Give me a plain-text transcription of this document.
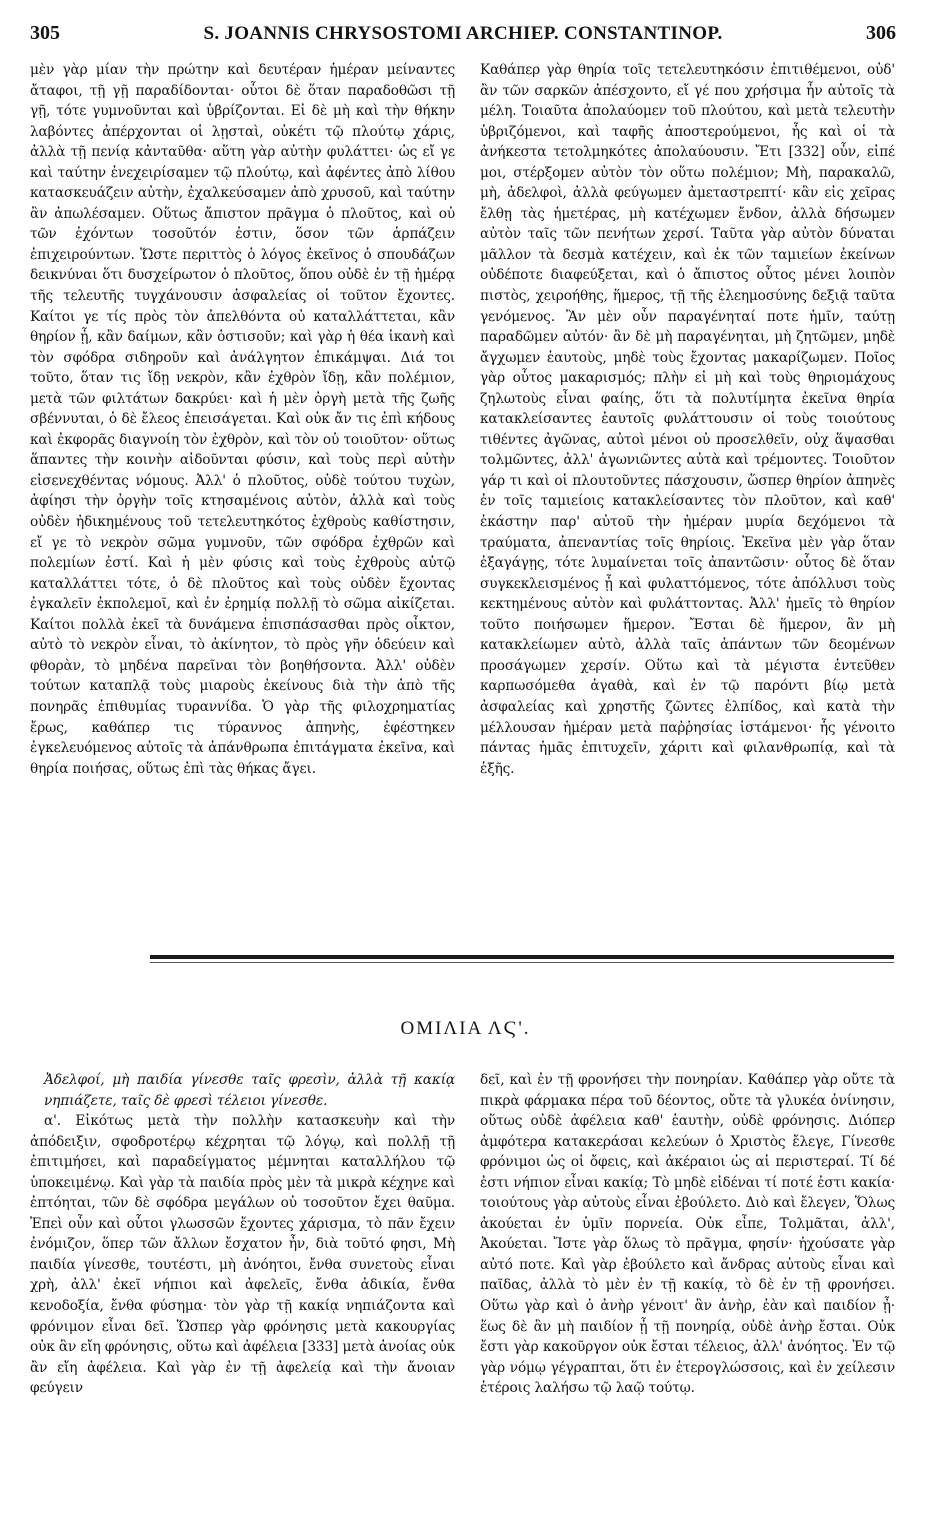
305	S. JOANNIS CHRYSOSTOMI ARCHIEP. CONSTANTINOP.	306

μὲν γὰρ μίαν τὴν πρώτην καὶ δευτέραν ἡμέραν μείναντες ἄταφοι, τῇ γῇ παραδίδονται· οὗτοι δὲ ὅταν παραδοθῶσι τῇ γῇ, τότε γυμνοῦνται καὶ ὑβρίζονται. Εἰ δὲ μὴ καὶ τὴν θήκην λαβόντες ἀπέρχονται οἱ λῃσταὶ, οὐκέτι τῷ πλούτῳ χάρις, ἀλλὰ τῇ πενίᾳ κἀνταῦθα· αὕτη γὰρ αὐτὴν φυλάττει· ὡς εἴ γε καὶ ταύτην ἐνεχειρίσαμεν τῷ πλούτῳ, καὶ ἀφέντες ἀπὸ λίθου κατασκευάζειν αὐτὴν, ἐχαλκεύσαμεν ἀπὸ χρυσοῦ, καὶ ταύτην ἂν ἀπωλέσαμεν. Οὕτως ἄπιστον πρᾶγμα ὁ πλοῦτος, καὶ οὐ τῶν ἐχόντων τοσοῦτόν ἐστιν, ὅσον τῶν ἁρπάζειν ἐπιχειρούντων. Ὥστε περιττὸς ὁ λόγος ἐκεῖνος ὁ σπουδάζων δεικνύναι ὅτι δυσχείρωτον ὁ πλοῦτος, ὅπου οὐδὲ ἐν τῇ ἡμέρᾳ τῆς τελευτῆς τυγχάνουσιν ἀσφαλείας οἱ τοῦτον ἔχοντες. Καίτοι γε τίς πρὸς τὸν ἀπελθόντα οὐ καταλλάττεται, κἂν θηρίον ᾖ, κἂν δαίμων, κἂν ὁστισοῦν; καὶ γὰρ ἡ θέα ἱκανὴ καὶ τὸν σφόδρα σιδηροῦν καὶ ἀνάλγητον ἐπικάμψαι. Διά τοι τοῦτο, ὅταν τις ἴδῃ νεκρὸν, κἂν ἐχθρὸν ἴδῃ, κἂν πολέμιον, μετὰ τῶν φιλτάτων δακρύει· καὶ ἡ μὲν ὀργὴ μετὰ τῆς ζωῆς σβέννυται, ὁ δὲ ἔλεος ἐπεισάγεται. Καὶ οὐκ ἄν τις ἐπὶ κήδους καὶ ἐκφορᾶς διαγνοίη τὸν ἐχθρὸν, καὶ τὸν οὐ τοιοῦτον· οὕτως ἅπαντες τὴν κοινὴν αἰδοῦνται φύσιν, καὶ τοὺς περὶ αὐτὴν εἰσενεχθέντας νόμους. Ἀλλ' ὁ πλοῦτος, οὐδὲ τούτου τυχὼν, ἀφίησι τὴν ὀργὴν τοῖς κτησαμένοις αὐτὸν, ἀλλὰ καὶ τοὺς οὐδὲν ἠδικημένους τοῦ τετελευτηκότος ἐχθροὺς καθίστησιν, εἴ γε τὸ νεκρὸν σῶμα γυμνοῦν, τῶν σφόδρα ἐχθρῶν καὶ πολεμίων ἐστί. Καὶ ἡ μὲν φύσις καὶ τοὺς ἐχθροὺς αὐτῷ καταλλάττει τότε, ὁ δὲ πλοῦτος καὶ τοὺς οὐδὲν ἔχοντας ἐγκαλεῖν ἐκπολεμοῖ, καὶ ἐν ἐρημίᾳ πολλῇ τὸ σῶμα αἰκίζεται. Καίτοι πολλὰ ἐκεῖ τὰ δυνάμενα ἐπισπάσασθαι πρὸς οἶκτον, αὐτὸ τὸ νεκρὸν εἶναι, τὸ ἀκίνητον, τὸ πρὸς γῆν ὁδεύειν καὶ φθορὰν, τὸ μηδένα παρεῖναι τὸν βοηθήσοντα. Ἀλλ' οὐδὲν τούτων καταπλᾷ τοὺς μιαροὺς ἐκείνους διὰ τὴν ἀπὸ τῆς πονηρᾶς ἐπιθυμίας τυραννίδα. Ὁ γὰρ τῆς φιλοχρηματίας ἔρως, καθάπερ τις τύραννος ἀπηνὴς, ἐφέστηκεν ἐγκελευόμενος αὐτοῖς τὰ ἀπάνθρωπα ἐπιτάγματα ἐκεῖνα, καὶ θηρία ποιήσας, οὕτως ἐπὶ τὰς θήκας ἄγει.

Καθάπερ γὰρ θηρία τοῖς τετελευτηκόσιν ἐπιτιθέμενοι, οὐδ' ἂν τῶν σαρκῶν ἀπέσχοντο, εἴ γέ που χρήσιμα ἦν αὐτοῖς τὰ μέλη. Τοιαῦτα ἀπολαύομεν τοῦ πλούτου, καὶ μετὰ τελευτὴν ὑβριζόμενοι, καὶ ταφῆς ἀποστερούμενοι, ἧς καὶ οἱ τὰ ἀνήκεστα τετολμηκότες ἀπολαύουσιν. Ἔτι [332] οὖν, εἰπέ μοι, στέρξομεν αὐτὸν τὸν οὕτω πολέμιον; Μὴ, παρακαλῶ, μὴ, ἀδελφοὶ, ἀλλὰ φεύγωμεν ἀμεταστρεπτί· κἂν εἰς χεῖρας ἔλθῃ τὰς ἡμετέρας, μὴ κατέχωμεν ἔνδον, ἀλλὰ δήσωμεν αὐτὸν ταῖς τῶν πενήτων χερσί. Ταῦτα γὰρ αὐτὸν δύναται μᾶλλον τὰ δεσμὰ κατέχειν, καὶ ἐκ τῶν ταμιείων ἐκείνων οὐδέποτε διαφεύξεται, καὶ ὁ ἄπιστος οὗτος μένει λοιπὸν πιστὸς, χειροήθης, ἥμερος, τῇ τῆς ἐλεημοσύνης δεξιᾷ ταῦτα γενόμενος. Ἂν μὲν οὖν παραγένηταί ποτε ἡμῖν, ταύτῃ παραδῶμεν αὐτόν· ἂν δὲ μὴ παραγένηται, μὴ ζητῶμεν, μηδὲ ἄγχωμεν ἑαυτοὺς, μηδὲ τοὺς ἔχοντας μακαρίζωμεν. Ποῖος γὰρ οὗτος μακαρισμός; πλὴν εἰ μὴ καὶ τοὺς θηριομάχους ζηλωτοὺς εἶναι φαίης, ὅτι τὰ πολυτίμητα ἐκεῖνα θηρία κατακλείσαντες ἑαυτοῖς φυλάττουσιν οἱ τοὺς τοιούτους τιθέντες ἀγῶνας, αὐτοὶ μένοι οὐ προσελθεῖν, οὐχ ἅψασθαι τολμῶντες, ἀλλ' ἀγωνιῶντες αὐτὰ καὶ τρέμοντες. Τοιοῦτον γάρ τι καὶ οἱ πλουτοῦντες πάσχουσιν, ὥσπερ θηρίον ἀπηνὲς ἐν τοῖς ταμιείοις κατακλείσαντες τὸν πλοῦτον, καὶ καθ' ἑκάστην παρ' αὐτοῦ τὴν ἡμέραν μυρία δεχόμενοι τὰ τραύματα, ἀπεναντίας τοῖς θηρίοις. Ἐκεῖνα μὲν γὰρ ὅταν ἐξαγάγῃς, τότε λυμαίνεται τοῖς ἀπαντῶσιν· οὗτος δὲ ὅταν συγκεκλεισμένος ᾖ καὶ φυλαττόμενος, τότε ἀπόλλυσι τοὺς κεκτημένους αὐτὸν καὶ φυλάττοντας. Ἀλλ' ἡμεῖς τὸ θηρίον τοῦτο ποιήσωμεν ἥμερον. Ἔσται δὲ ἥμερον, ἂν μὴ κατακλείωμεν αὐτὸ, ἀλλὰ ταῖς ἁπάντων τῶν δεομένων προσάγωμεν χερσίν. Οὕτω καὶ τὰ μέγιστα ἐντεῦθεν καρπωσόμεθα ἀγαθὰ, καὶ ἐν τῷ παρόντι βίῳ μετὰ ἀσφαλείας καὶ χρηστῆς ζῶντες ἐλπίδος, καὶ κατὰ τὴν μέλλουσαν ἡμέραν μετὰ παῤῥησίας ἱστάμενοι· ἧς γένοιτο πάντας ἡμᾶς ἐπιτυχεῖν, χάριτι καὶ φιλανθρωπίᾳ, καὶ τὰ ἑξῆς.

ΟΜΙΛΙΑ ΛϚ'.

Ἀδελφοί, μὴ παιδία γίνεσθε ταῖς φρεσὶν, ἀλλὰ τῇ κακίᾳ νηπιάζετε, ταῖς δὲ φρεσὶ τέλειοι γίνεσθε.

α'. Εἰκότως μετὰ τὴν πολλὴν κατασκευὴν καὶ τὴν ἀπόδειξιν, σφοδροτέρῳ κέχρηται τῷ λόγῳ, καὶ πολλῇ τῇ ἐπιτιμήσει, καὶ παραδείγματος μέμνηται καταλλήλου τῷ ὑποκειμένῳ. Καὶ γὰρ τὰ παιδία πρὸς μὲν τὰ μικρὰ κέχηνε καὶ ἐπτόηται, τῶν δὲ σφόδρα μεγάλων οὐ τοσοῦτον ἔχει θαῦμα. Ἐπεὶ οὖν καὶ οὗτοι γλωσσῶν ἔχοντες χάρισμα, τὸ πᾶν ἔχειν ἐνόμιζον, ὅπερ τῶν ἄλλων ἔσχατον ἦν, διὰ τοῦτό φησι, Μὴ παιδία γίνεσθε, τουτέστι, μὴ ἀνόητοι, ἔνθα συνετοὺς εἶναι χρὴ, ἀλλ' ἐκεῖ νήπιοι καὶ ἀφελεῖς, ἔνθα ἀδικία, ἔνθα κενοδοξία, ἔνθα φύσημα· τὸν γὰρ τῇ κακίᾳ νηπιάζοντα καὶ φρόνιμον εἶναι δεῖ. Ὥσπερ γὰρ φρόνησις μετὰ κακουργίας οὐκ ἂν εἴη φρόνησις, οὕτω καὶ ἀφέλεια [333] μετὰ ἀνοίας οὐκ ἂν εἴη ἀφέλεια. Καὶ γὰρ ἐν τῇ ἀφελείᾳ καὶ τὴν ἄνοιαν φεύγειν

δεῖ, καὶ ἐν τῇ φρονήσει τὴν πονηρίαν. Καθάπερ γὰρ οὔτε τὰ πικρὰ φάρμακα πέρα τοῦ δέοντος, οὔτε τὰ γλυκέα ὀνίνησιν, οὕτως οὐδὲ ἀφέλεια καθ' ἑαυτὴν, οὐδὲ φρόνησις. Διόπερ ἀμφότερα κατακεράσαι κελεύων ὁ Χριστὸς ἔλεγε, Γίνεσθε φρόνιμοι ὡς οἱ ὄφεις, καὶ ἀκέραιοι ὡς αἱ περιστεραί. Τί δέ ἐστι νήπιον εἶναι κακίᾳ; Τὸ μηδὲ εἰδέναι τί ποτέ ἐστι κακία· τοιούτους γὰρ αὐτοὺς εἶναι ἐβούλετο. Διὸ καὶ ἔλεγεν, Ὅλως ἀκούεται ἐν ὑμῖν πορνεία. Οὐκ εἶπε, Τολμᾶται, ἀλλ', Ἀκούεται. Ἴστε γὰρ ὅλως τὸ πρᾶγμα, φησίν· ἠχούσατε γὰρ αὐτό ποτε. Καὶ γὰρ ἐβούλετο καὶ ἄνδρας αὐτοὺς εἶναι καὶ παῖδας, ἀλλὰ τὸ μὲν ἐν τῇ κακίᾳ, τὸ δὲ ἐν τῇ φρονήσει. Οὕτω γὰρ καὶ ὁ ἀνὴρ γένοιτ' ἂν ἀνὴρ, ἐὰν καὶ παιδίον ᾖ· ἕως δὲ ἂν μὴ παιδίον ᾖ τῇ πονηρίᾳ, οὐδὲ ἀνὴρ ἔσται. Οὐκ ἔστι γὰρ κακοῦργον οὐκ ἔσται τέλειος, ἀλλ' ἀνόητος. Ἐν τῷ γὰρ νόμῳ γέγραπται, ὅτι ἐν ἑτερογλώσσοις, καὶ ἐν χείλεσιν ἑτέροις λαλήσω τῷ λαῷ τούτῳ.
